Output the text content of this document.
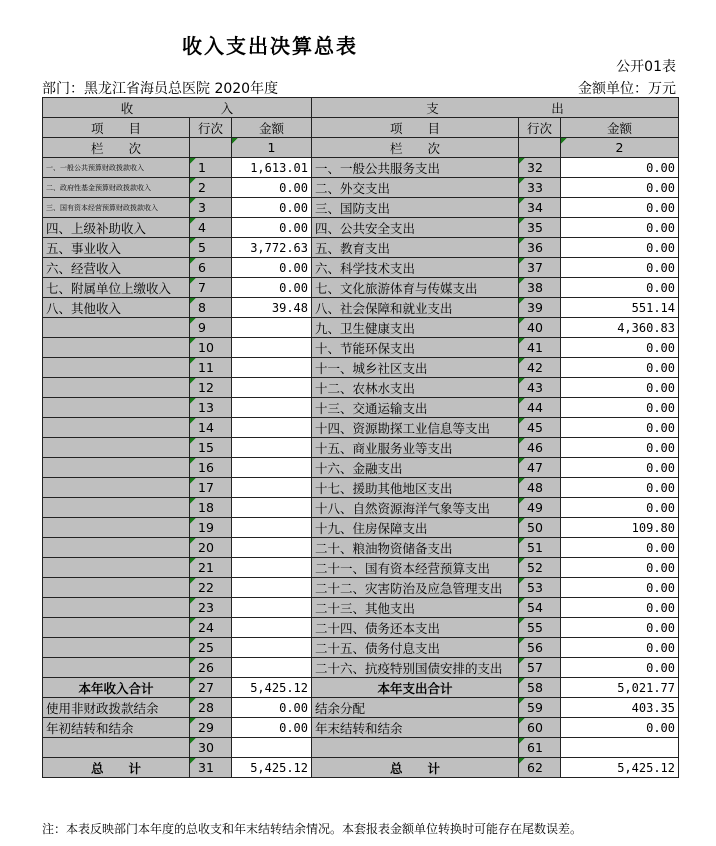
收入支出决算总表
公开01表
部门：黑龙江省海员总医院 2020年度	金额单位：万元
收　　　　　　　入			支　　　　　　　　　出		
项　　目	行次	金额	项　　目	行次	金额
栏　　次		1	栏　　次		2
一、一般公共预算财政拨款收入	1	1,613.01	一、一般公共服务支出	32	0.00
二、政府性基金预算财政拨款收入	2	0.00	二、外交支出	33	0.00
三、国有资本经营预算财政拨款收入	3	0.00	三、国防支出	34	0.00
四、上级补助收入	4	0.00	四、公共安全支出	35	0.00
五、事业收入	5	3,772.63	五、教育支出	36	0.00
六、经营收入	6	0.00	六、科学技术支出	37	0.00
七、附属单位上缴收入	7	0.00	七、文化旅游体育与传媒支出	38	0.00
八、其他收入	8	39.48	八、社会保障和就业支出	39	551.14
	9		九、卫生健康支出	40	4,360.83
	10		十、节能环保支出	41	0.00
	11		十一、城乡社区支出	42	0.00
	12		十二、农林水支出	43	0.00
	13		十三、交通运输支出	44	0.00
	14		十四、资源勘探工业信息等支出	45	0.00
	15		十五、商业服务业等支出	46	0.00
	16		十六、金融支出	47	0.00
	17		十七、援助其他地区支出	48	0.00
	18		十八、自然资源海洋气象等支出	49	0.00
	19		十九、住房保障支出	50	109.80
	20		二十、粮油物资储备支出	51	0.00
	21		二十一、国有资本经营预算支出	52	0.00
	22		二十二、灾害防治及应急管理支出	53	0.00
	23		二十三、其他支出	54	0.00
	24		二十四、债务还本支出	55	0.00
	25		二十五、债务付息支出	56	0.00
	26		二十六、抗疫特别国债安排的支出	57	0.00
本年收入合计	27	5,425.12	本年支出合计	58	5,021.77
使用非财政拨款结余	28	0.00	结余分配	59	403.35
年初结转和结余	29	0.00	年末结转和结余	60	0.00
	30			61	
总　　计	31	5,425.12	总　　计	62	5,425.12
注：本表反映部门本年度的总收支和年末结转结余情况。本套报表金额单位转换时可能存在尾数误差。
